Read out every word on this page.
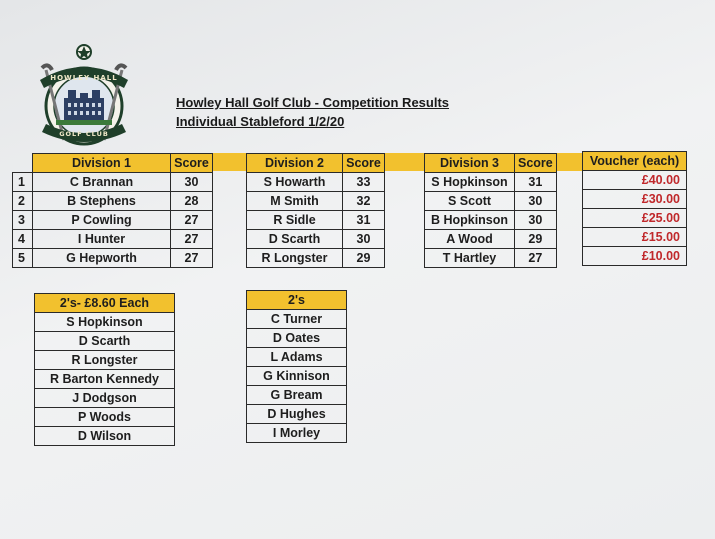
HOWLEY HALL
GOLF CLUB
Howley Hall Golf Club - Competition Results
Individual Stableford 1/2/20
	Division 1	Score
1	C Brannan	30
2	B Stephens	28
3	P Cowling	27
4	I Hunter	27
5	G Hepworth	27
Division 2	Score
S Howarth	33
M Smith	32
R Sidle	31
D Scarth	30
R Longster	29
Division 3	Score
S Hopkinson	31
S Scott	30
B Hopkinson	30
A Wood	29
T Hartley	27
Voucher (each)
£40.00
£30.00
£25.00
£15.00
£10.00
2's- £8.60 Each
S Hopkinson
D Scarth
R Longster
R Barton Kennedy
J Dodgson
P Woods
D Wilson
2's
C Turner
D Oates
L Adams
G Kinnison
G Bream
D Hughes
I Morley
